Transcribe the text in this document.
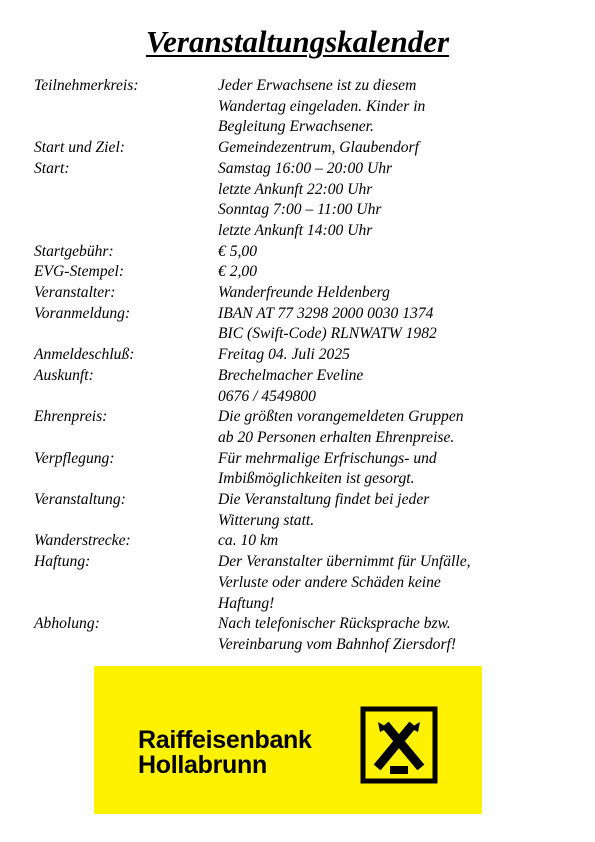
Veranstaltungskalender
Teilnehmerkreis:	Jeder Erwachsene ist zu diesem
Wandertag eingeladen. Kinder in
Begleitung Erwachsener.
Start und Ziel:	Gemeindezentrum, Glaubendorf
Start:	Samstag 16:00 – 20:00 Uhr
letzte Ankunft 22:00 Uhr
Sonntag 7:00 – 11:00 Uhr
letzte Ankunft 14:00 Uhr
Startgebühr:	€ 5,00
EVG-Stempel:	€ 2,00
Veranstalter:	Wanderfreunde Heldenberg
Voranmeldung:	IBAN AT 77 3298 2000 0030 1374
BIC (Swift-Code) RLNWATW 1982
Anmeldeschluß:	Freitag 04. Juli 2025
Auskunft:	Brechelmacher Eveline
0676 / 4549800
Ehrenpreis:	Die größten vorangemeldeten Gruppen
ab 20 Personen erhalten Ehrenpreise.
Verpflegung:	Für mehrmalige Erfrischungs- und
Imbißmöglichkeiten ist gesorgt.
Veranstaltung:	Die Veranstaltung findet bei jeder
Witterung statt.
Wanderstrecke:	ca. 10 km
Haftung:	Der Veranstalter übernimmt für Unfälle,
Verluste oder andere Schäden keine
Haftung!
Abholung:	Nach telefonischer Rücksprache bzw.
Vereinbarung vom Bahnhof Ziersdorf!
Raiffeisenbank
Hollabrunn
